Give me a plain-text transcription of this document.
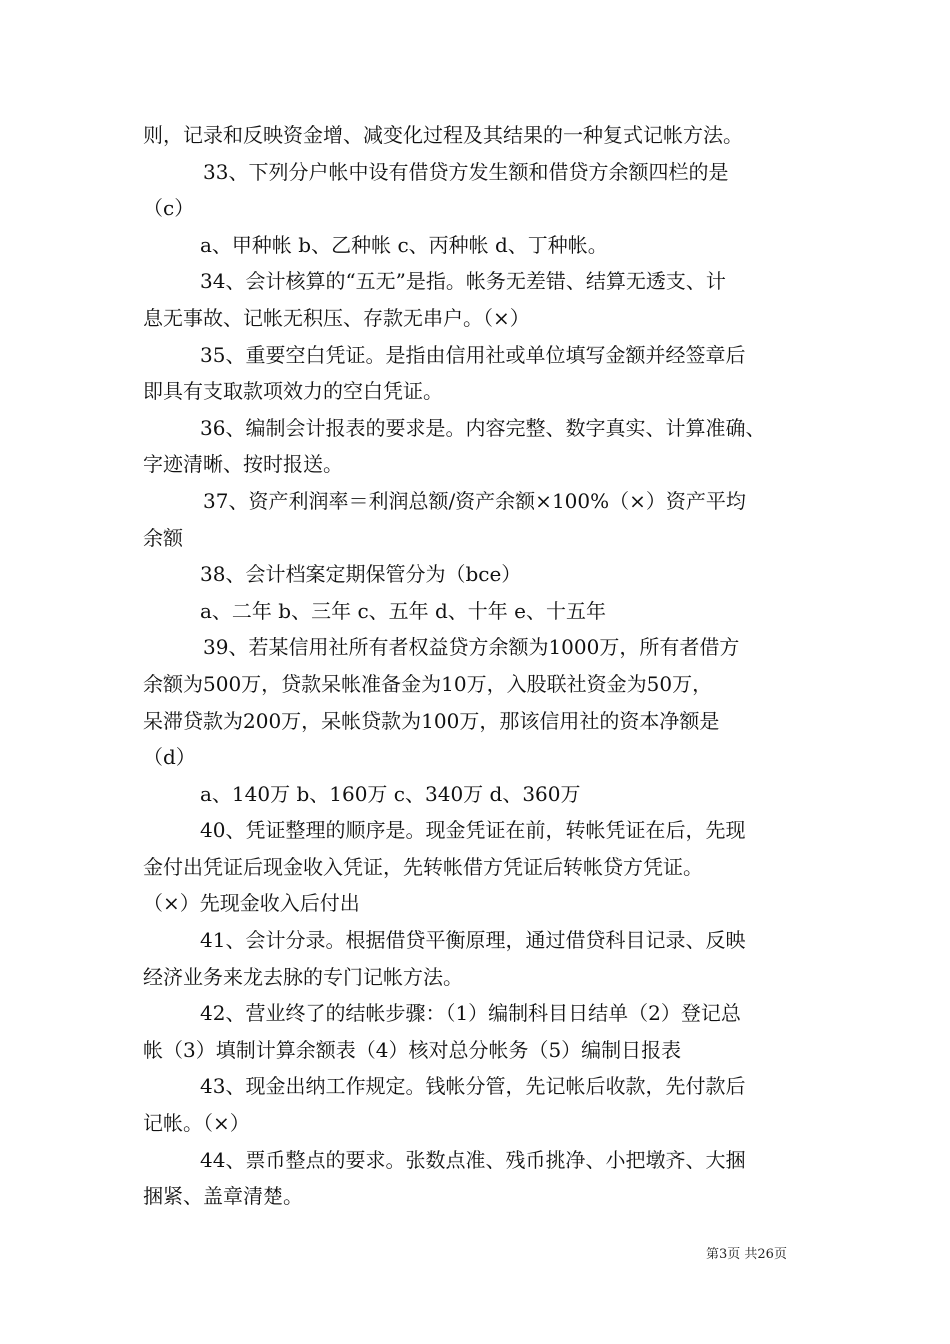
则，记录和反映资金增、减变化过程及其结果的一种复式记帐方法。
33、下列分户帐中设有借贷方发生额和借贷方余额四栏的是
（c）
a、甲种帐 b、乙种帐 c、丙种帐 d、丁种帐。
34、会计核算的“五无”是指。帐务无差错、结算无透支、计
息无事故、记帐无积压、存款无串户。（×）
35、重要空白凭证。是指由信用社或单位填写金额并经签章后
即具有支取款项效力的空白凭证。
36、编制会计报表的要求是。内容完整、数字真实、计算准确、
字迹清晰、按时报送。
37、资产利润率＝利润总额/资产余额×100%（×）资产平均
余额
38、会计档案定期保管分为（bce）
a、二年 b、三年 c、五年 d、十年 e、十五年
39、若某信用社所有者权益贷方余额为1000万，所有者借方
余额为500万，贷款呆帐准备金为10万，入股联社资金为50万，
呆滞贷款为200万，呆帐贷款为100万，那该信用社的资本净额是
（d）
a、140万 b、160万 c、340万 d、360万
40、凭证整理的顺序是。现金凭证在前，转帐凭证在后，先现
金付出凭证后现金收入凭证，先转帐借方凭证后转帐贷方凭证。
（×）先现金收入后付出
41、会计分录。根据借贷平衡原理，通过借贷科目记录、反映
经济业务来龙去脉的专门记帐方法。
42、营业终了的结帐步骤：（1）编制科目日结单（2）登记总
帐（3）填制计算余额表（4）核对总分帐务（5）编制日报表
43、现金出纳工作规定。钱帐分管，先记帐后收款，先付款后
记帐。（×）
44、票币整点的要求。张数点准、残币挑净、小把墩齐、大捆
捆紧、盖章清楚。
第3页 共26页
